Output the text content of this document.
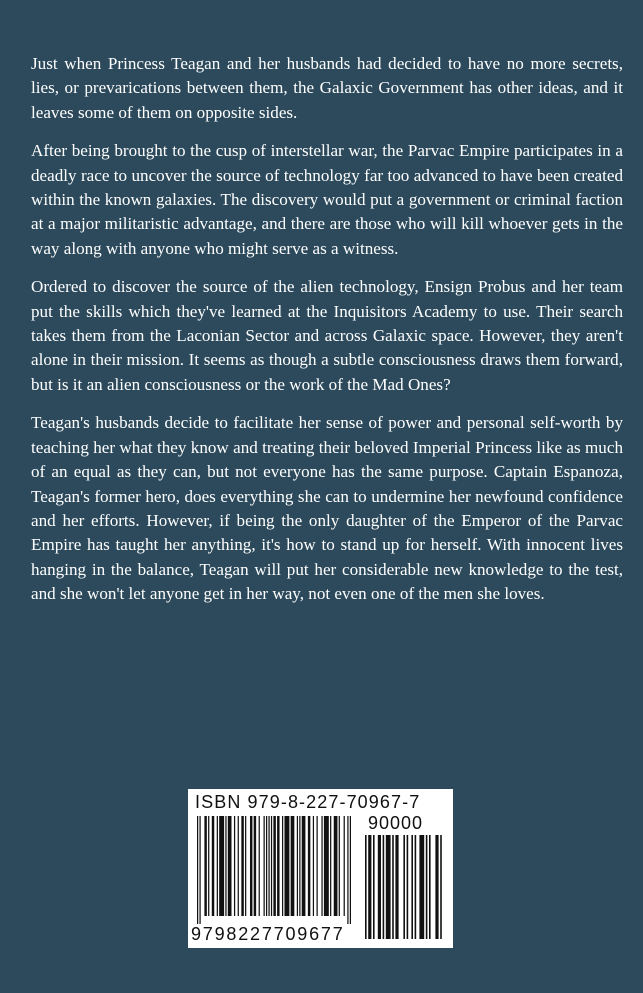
Just when Princess Teagan and her husbands had decided to have no more secrets, lies, or prevarications between them, the Galaxic Government has other ideas, and it leaves some of them on opposite sides.

After being brought to the cusp of interstellar war, the Parvac Empire participates in a deadly race to uncover the source of technology far too advanced to have been created within the known galaxies. The discovery would put a government or criminal faction at a major militaristic advantage, and there are those who will kill whoever gets in the way along with anyone who might serve as a witness.

Ordered to discover the source of the alien technology, Ensign Probus and her team put the skills which they've learned at the Inquisitors Academy to use. Their search takes them from the Laconian Sector and across Galaxic space. However, they aren't alone in their mission. It seems as though a subtle consciousness draws them forward, but is it an alien consciousness or the work of the Mad Ones?

Teagan's husbands decide to facilitate her sense of power and personal self-worth by teaching her what they know and treating their beloved Imperial Princess like as much of an equal as they can, but not everyone has the same purpose. Captain Espanoza, Teagan's former hero, does everything she can to undermine her newfound confidence and her efforts. However, if being the only daughter of the Emperor of the Parvac Empire has taught her anything, it's how to stand up for herself. With innocent lives hanging in the balance, Teagan will put her considerable new knowledge to the test, and she won't let anyone get in her way, not even one of the men she loves.

ISBN 979-8-227-70967-7
90000
9798227709677
